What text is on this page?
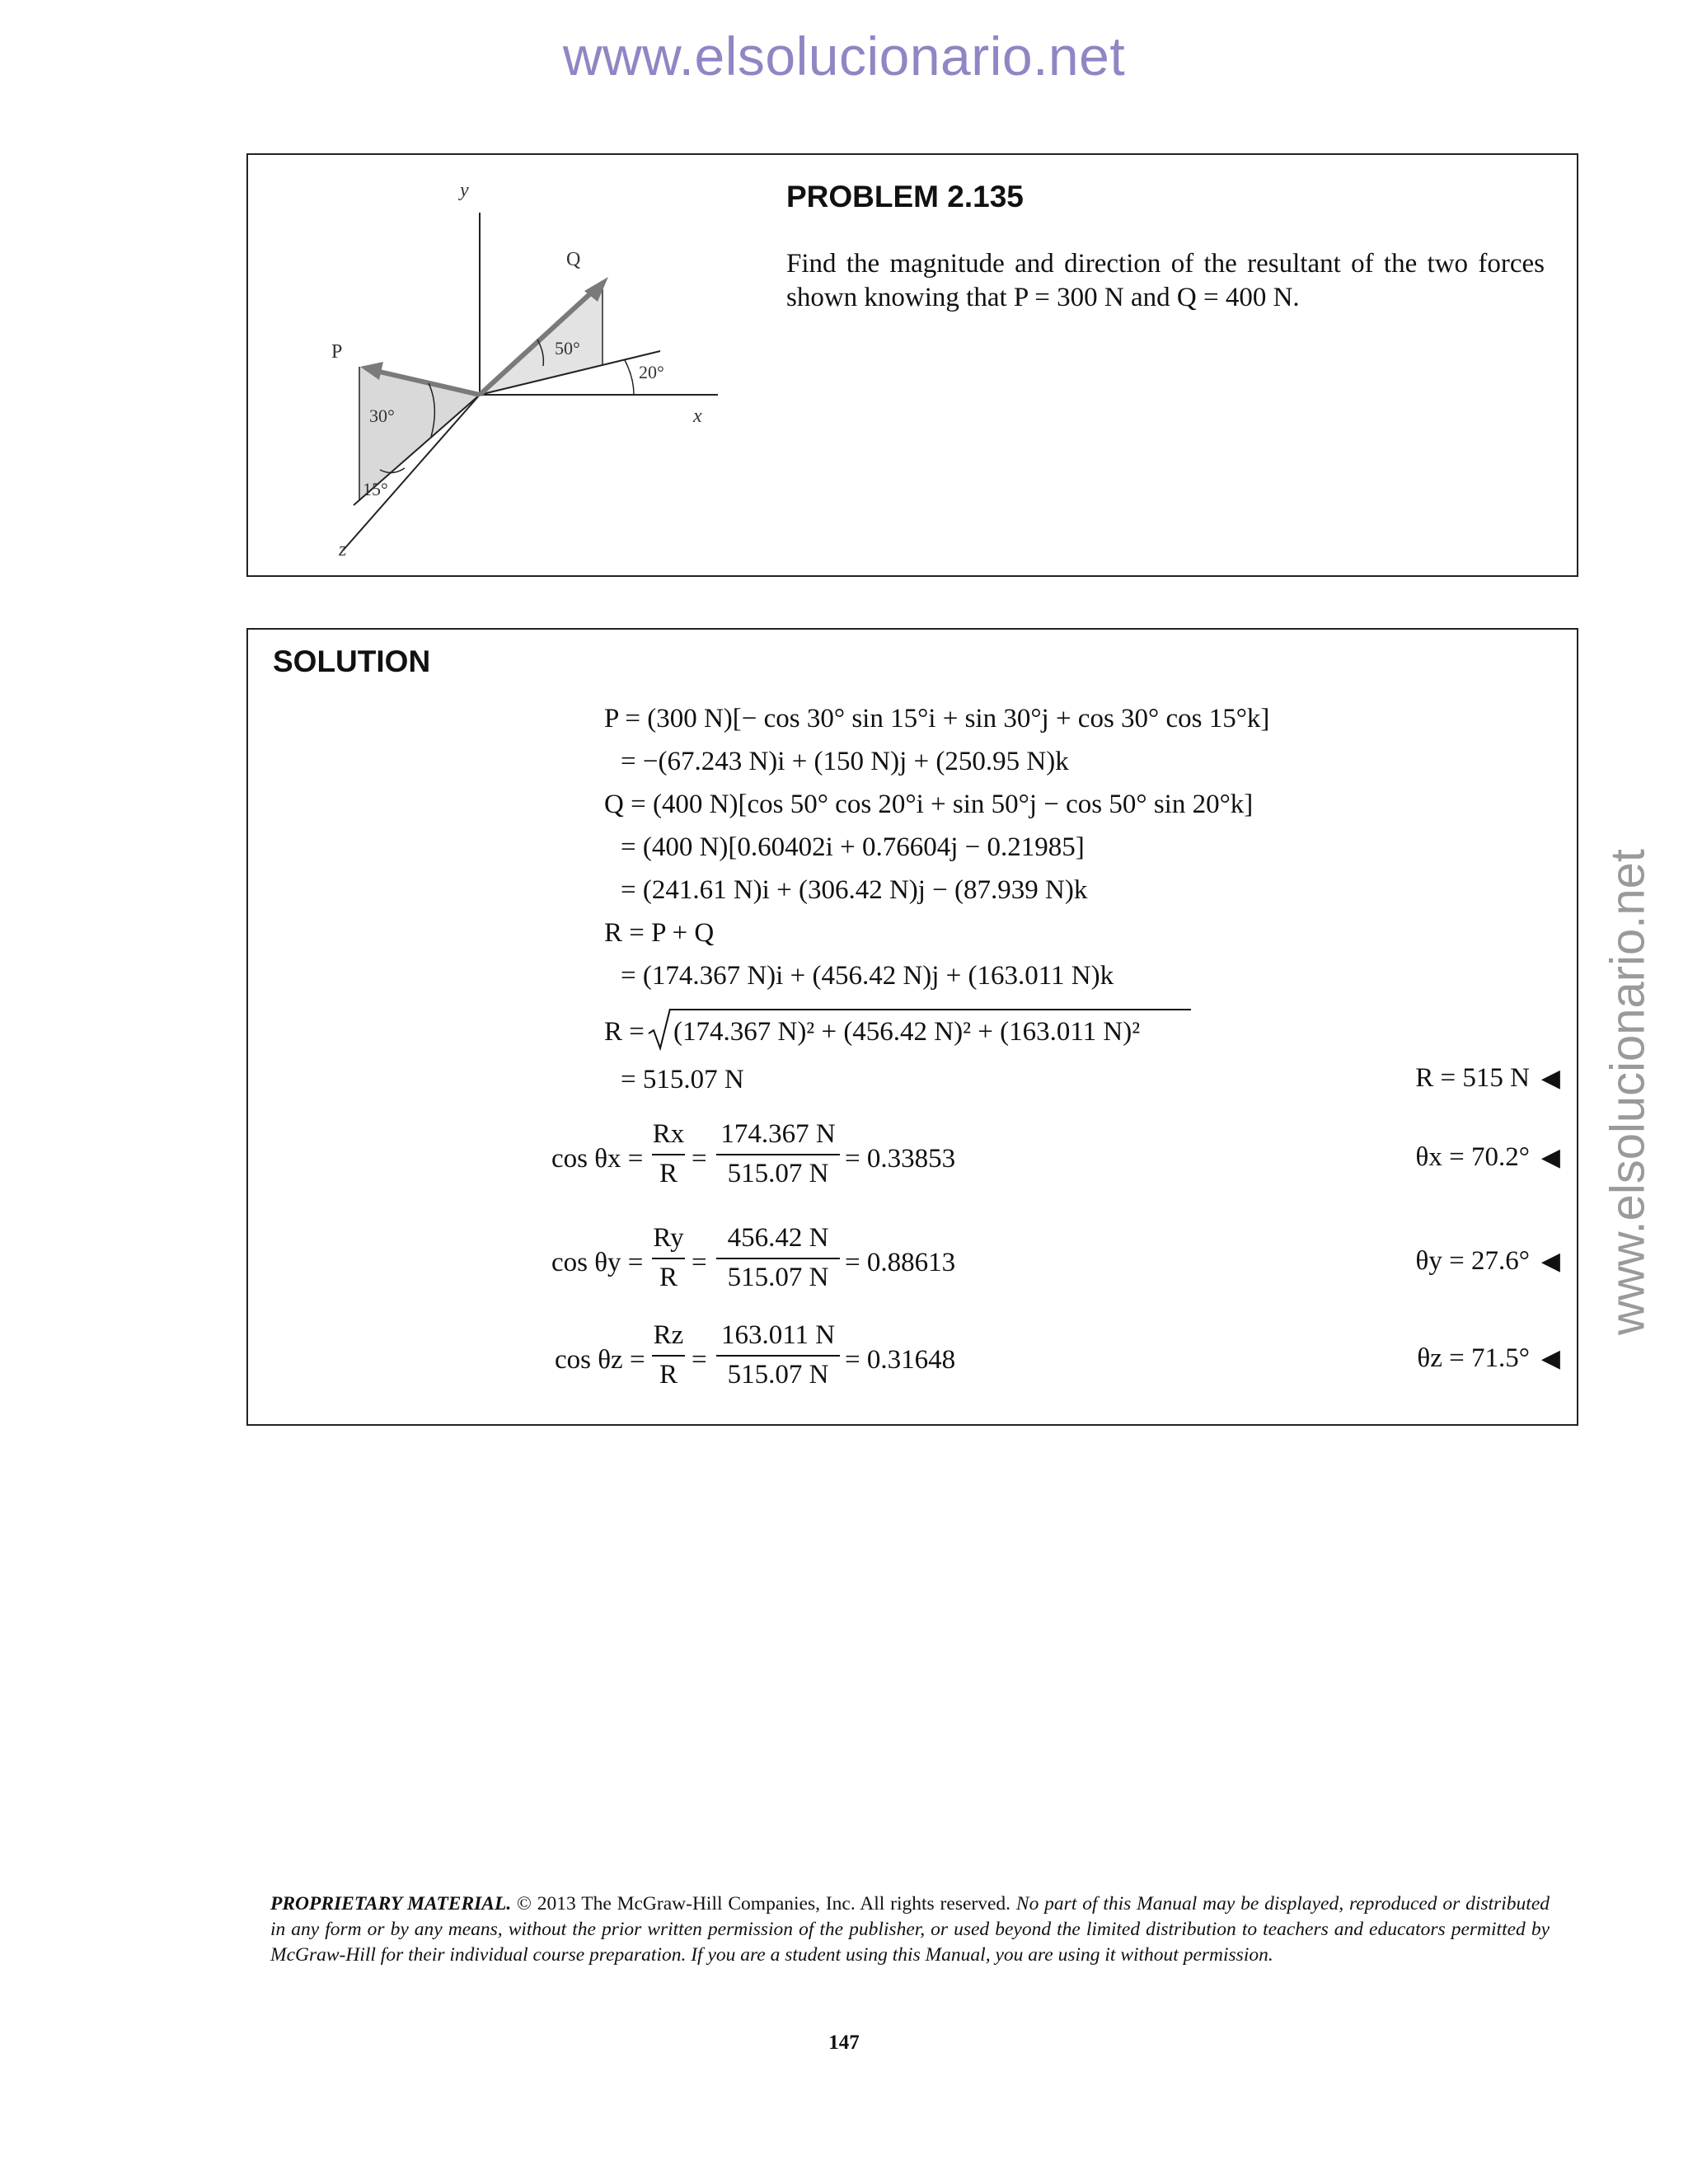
www.elsolucionario.net
www.elsolucionario.net
y
x
z
Q
P	50°
20°
30°
15°
PROBLEM 2.135
Find the magnitude and direction of the resultant of the two forces shown knowing that P = 300 N and Q = 400 N.
SOLUTION
P = (300 N)[− cos 30° sin 15°i + sin 30°j + cos 30° cos 15°k]
= −(67.243 N)i + (150 N)j + (250.95 N)k
Q = (400 N)[cos 50° cos 20°i + sin 50°j − cos 50° sin 20°k]
= (400 N)[0.60402i + 0.76604j − 0.21985]
= (241.61 N)i + (306.42 N)j − (87.939 N)k
R = P + Q
= (174.367 N)i + (456.42 N)j + (163.011 N)k
R = (174.367 N)² + (456.42 N)² + (163.011 N)²
= 515.07 N	R = 515 N ◀
cos θx =
Rx
R =
174.367 N
515.07 N = 0.33853	θx = 70.2° ◀
cos θy =
Ry
R =
456.42 N
515.07 N = 0.88613	θy = 27.6° ◀
cos θz =
Rz
R =
163.011 N
515.07 N = 0.31648	θz = 71.5° ◀
PROPRIETARY MATERIAL. © 2013 The McGraw-Hill Companies, Inc. All rights reserved. No part of this Manual may be displayed, reproduced or distributed in any form or by any means, without the prior written permission of the publisher, or used beyond the limited distribution to teachers and educators permitted by McGraw-Hill for their individual course preparation. If you are a student using this Manual, you are using it without permission.
147
